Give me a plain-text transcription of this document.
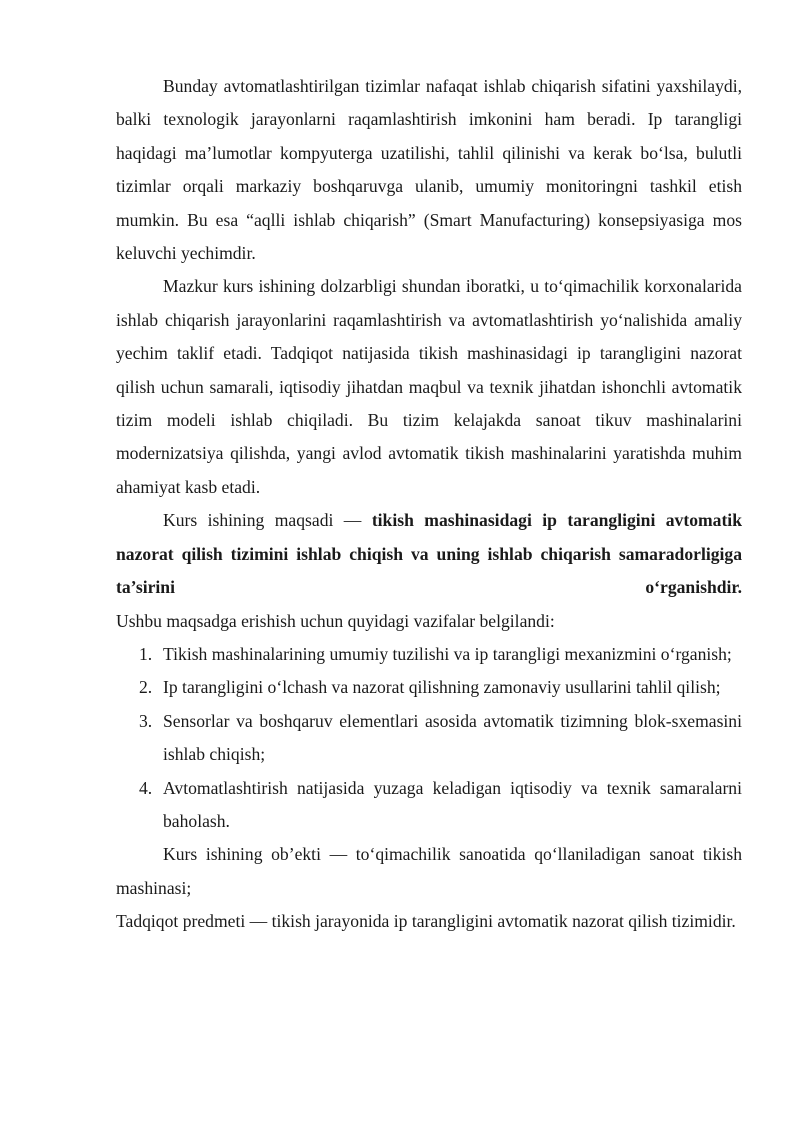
Bunday avtomatlashtirilgan tizimlar nafaqat ishlab chiqarish sifatini yaxshilaydi, balki texnologik jarayonlarni raqamlashtirish imkonini ham beradi. Ip tarangligi haqidagi ma’lumotlar kompyuterga uzatilishi, tahlil qilinishi va kerak bo‘lsa, bulutli tizimlar orqali markaziy boshqaruvga ulanib, umumiy monitoringni tashkil etish mumkin. Bu esa “aqlli ishlab chiqarish” (Smart Manufacturing) konsepsiyasiga mos keluvchi yechimdir.

Mazkur kurs ishining dolzarbligi shundan iboratki, u to‘qimachilik korxonalarida ishlab chiqarish jarayonlarini raqamlashtirish va avtomatlashtirish yo‘nalishida amaliy yechim taklif etadi. Tadqiqot natijasida tikish mashinasidagi ip tarangligini nazorat qilish uchun samarali, iqtisodiy jihatdan maqbul va texnik jihatdan ishonchli avtomatik tizim modeli ishlab chiqiladi. Bu tizim kelajakda sanoat tikuv mashinalarini modernizatsiya qilishda, yangi avlod avtomatik tikish mashinalarini yaratishda muhim ahamiyat kasb etadi.

Kurs ishining maqsadi — tikish mashinasidagi ip tarangligini avtomatik nazorat qilish tizimini ishlab chiqish va uning ishlab chiqarish samaradorligiga ta’sirini o‘rganishdir.

Ushbu maqsadga erishish uchun quyidagi vazifalar belgilandi:

1. Tikish mashinalarining umumiy tuzilishi va ip tarangligi mexanizmini o‘rganish;
2. Ip tarangligini o‘lchash va nazorat qilishning zamonaviy usullarini tahlil qilish;
3. Sensorlar va boshqaruv elementlari asosida avtomatik tizimning blok-sxemasini ishlab chiqish;
4. Avtomatlashtirish natijasida yuzaga keladigan iqtisodiy va texnik samaralarni baholash.

Kurs ishining ob’ekti — to‘qimachilik sanoatida qo‘llaniladigan sanoat tikish mashinasi;

Tadqiqot predmeti — tikish jarayonida ip tarangligini avtomatik nazorat qilish tizimidir.
